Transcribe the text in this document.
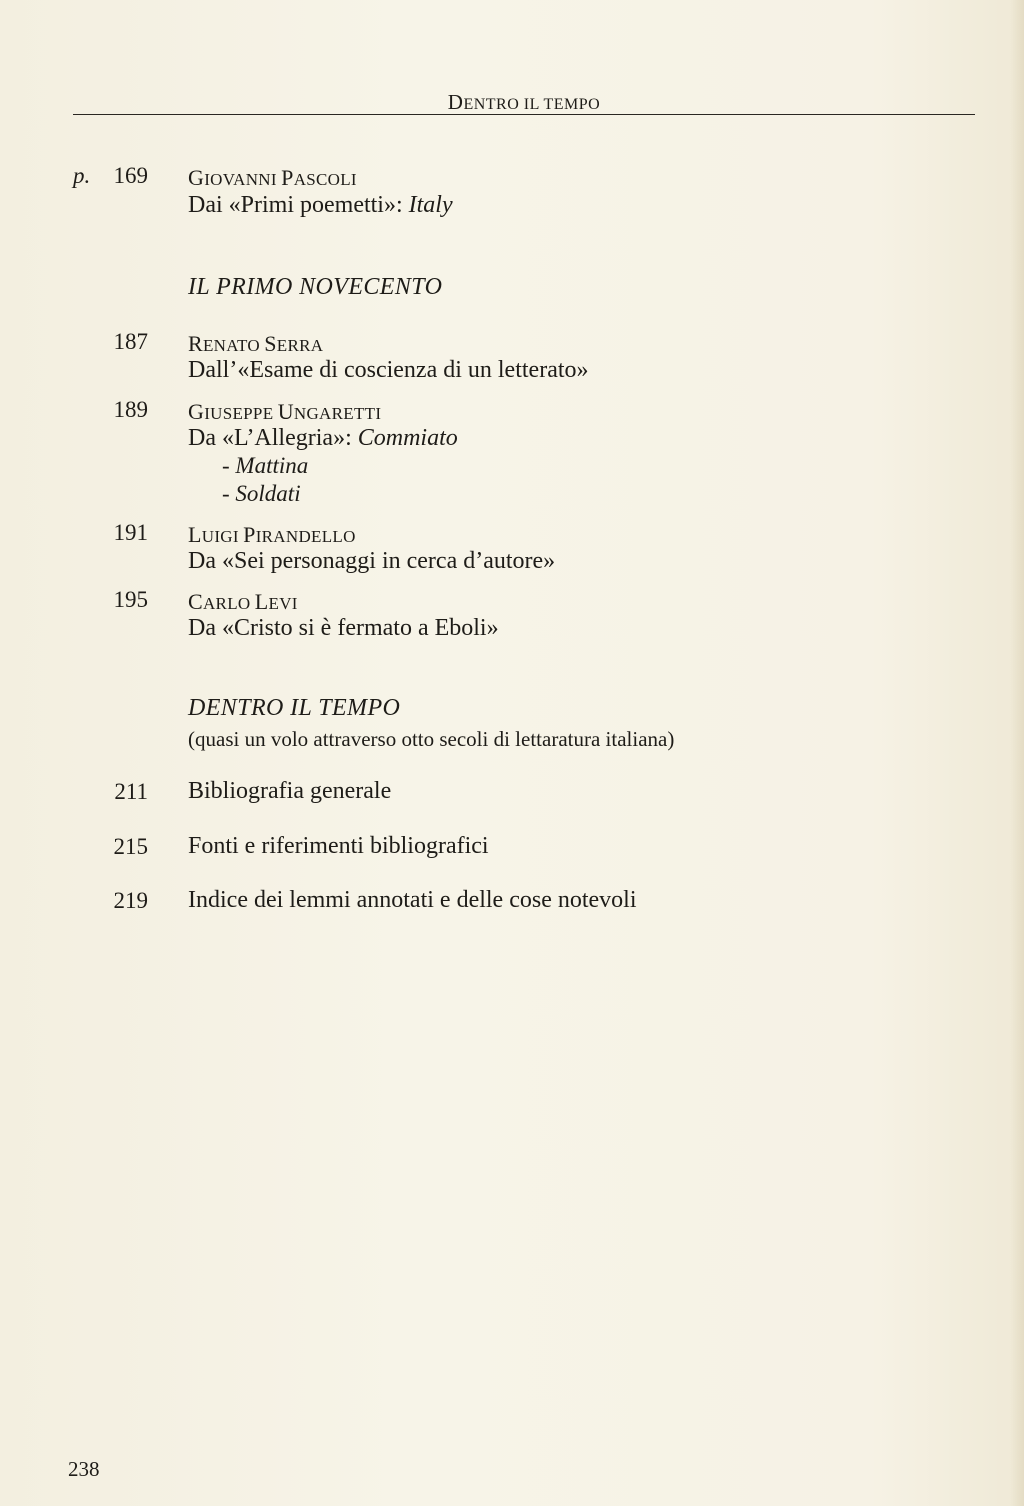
DENTRO IL TEMPO
p.	169 GIOVANNI PASCOLI
Dai «Primi poemetti»: Italy
IL PRIMO NOVECENTO
187 RENATO SERRA
Dall’«Esame di coscienza di un letterato»
189 GIUSEPPE UNGARETTI
Da «L’Allegria»: Commiato
- Mattina
- Soldati
191 LUIGI PIRANDELLO
Da «Sei personaggi in cerca d’autore»
195 CARLO LEVI
Da «Cristo si è fermato a Eboli»
DENTRO IL TEMPO
(quasi un volo attraverso otto secoli di lettaratura italiana)
211 Bibliografia generale
215 Fonti e riferimenti bibliografici
219 Indice dei lemmi annotati e delle cose notevoli
238
